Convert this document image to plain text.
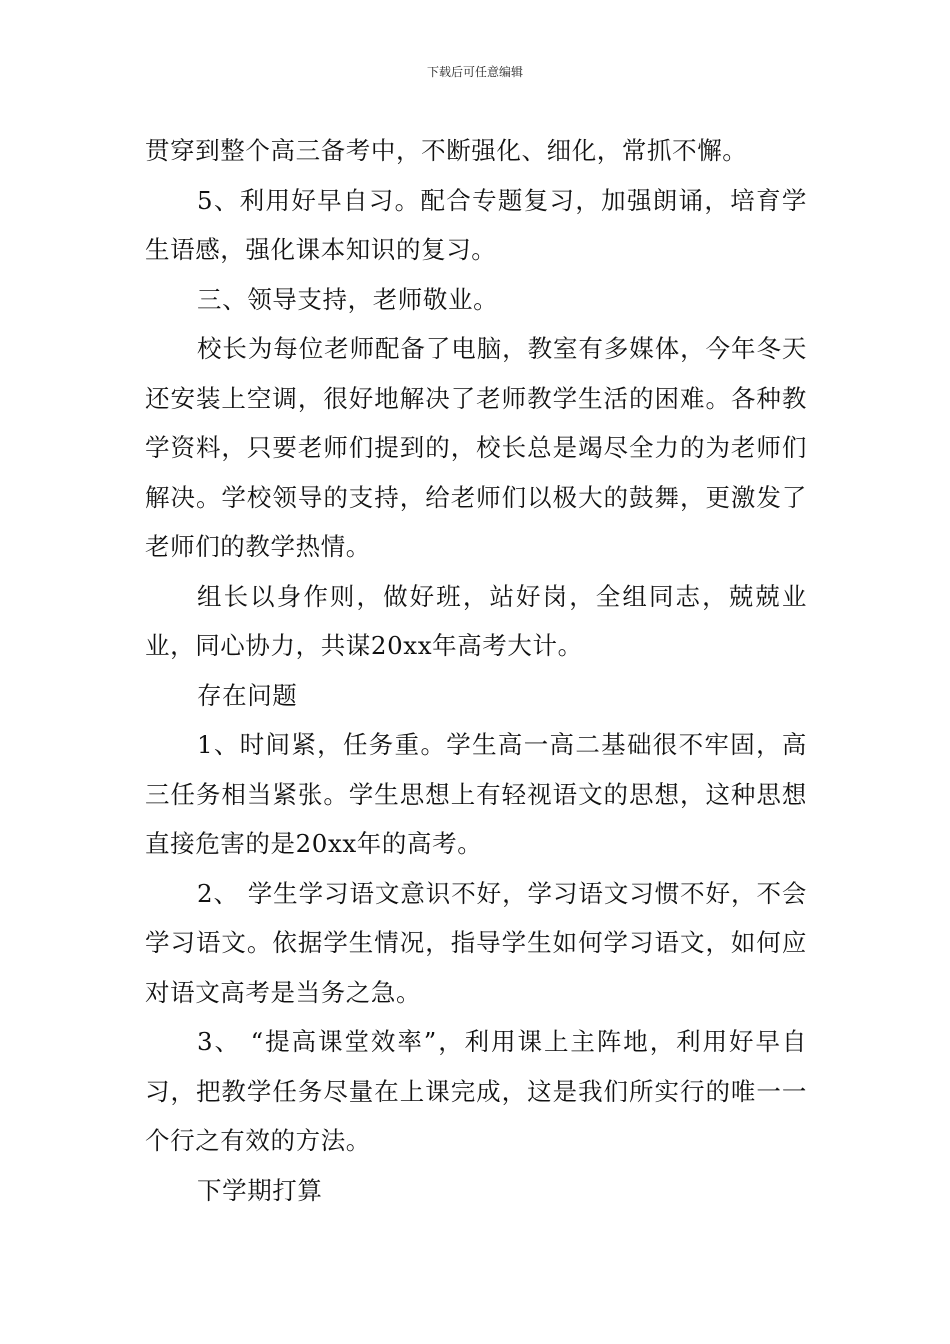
下载后可任意编辑

贯穿到整个高三备考中，不断强化、细化，常抓不懈。

5、利用好早自习。配合专题复习，加强朗诵，培育学生语感，强化课本知识的复习。

三、领导支持，老师敬业。

校长为每位老师配备了电脑，教室有多媒体，今年冬天还安装上空调，很好地解决了老师教学生活的困难。各种教学资料，只要老师们提到的，校长总是竭尽全力的为老师们解决。学校领导的支持，给老师们以极大的鼓舞，更激发了老师们的教学热情。

组长以身作则，做好班，站好岗，全组同志，兢兢业业，同心协力，共谋20xx年高考大计。

存在问题

1、时间紧，任务重。学生高一高二基础很不牢固，高三任务相当紧张。学生思想上有轻视语文的思想，这种思想直接危害的是20xx年的高考。

2、 学生学习语文意识不好，学习语文习惯不好，不会学习语文。依据学生情况，指导学生如何学习语文，如何应对语文高考是当务之急。

3、 “提高课堂效率”，利用课上主阵地，利用好早自习，把教学任务尽量在上课完成，这是我们所实行的唯一一个行之有效的方法。

下学期打算
